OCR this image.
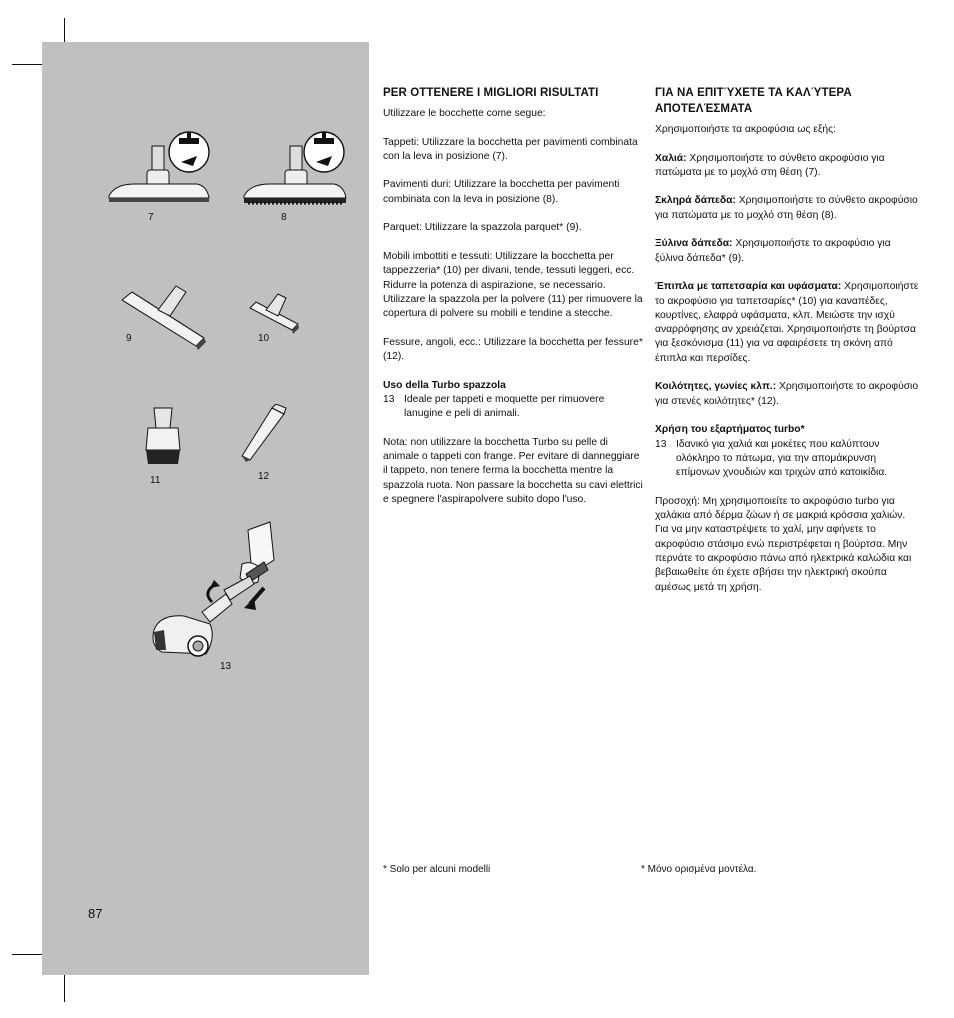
7	8
9	10
11	12
13
87
PER OTTENERE I MIGLIORI RISULTATI

Utilizzare le bocchette come segue:

Tappeti: Utilizzare la bocchetta per pavimenti combinata con la leva in posizione (7).

Pavimenti duri: Utilizzare la bocchetta per pavimenti combinata con la leva in posizione (8).

Parquet: Utilizzare la spazzola parquet* (9).

Mobili imbottiti e tessuti: Utilizzare la bocchetta per tappezzeria* (10) per divani, tende, tessuti leggeri, ecc. Ridurre la potenza di aspirazione, se necessario. Utilizzare la spazzola per la polvere (11) per rimuovere la copertura di polvere su mobili e tendine a stecche.

Fessure, angoli, ecc.: Utilizzare la bocchetta per fessure* (12).

Uso della Turbo spazzola
13 Ideale per tappeti e moquette per rimuovere lanugine e peli di animali.

Nota: non utilizzare la bocchetta Turbo su pelle di animale o tappeti con frange. Per evitare di danneggiare il tappeto, non tenere ferma la bocchetta mentre la spazzola ruota. Non passare la bocchetta su cavi elettrici e spegnere l'aspirapolvere subito dopo l'uso.

ΓΙΑ ΝΑ ΕΠΙΤΎΧΕΤΕ ΤΑ ΚΑΛΎΤΕΡΑ ΑΠΟΤΕΛΈΣΜΑΤΑ

Χρησιμοποιήστε τα ακροφύσια ως εξής:

Χαλιά: Χρησιμοποιήστε το σύνθετο ακροφύσιο για πατώματα με το μοχλό στη θέση (7).

Σκληρά δάπεδα: Χρησιμοποιήστε το σύνθετο ακροφύσιο για πατώματα με το μοχλό στη θέση (8).

Ξύλινα δάπεδα: Χρησιμοποιήστε το ακροφύσιο για ξύλινα δάπεδα* (9).

Έπιπλα με ταπετσαρία και υφάσματα: Χρησιμοποιήστε το ακροφύσιο για ταπετσαρίες* (10) για καναπέδες, κουρτίνες, ελαφρά υφάσματα, κλπ. Μειώστε την ισχύ αναρρόφησης αν χρειάζεται. Χρησιμοποιήστε τη βούρτσα για ξεσκόνισμα (11) για να αφαιρέσετε τη σκόνη από έπιπλα και περσίδες.

Κοιλότητες, γωνίες κλπ.: Χρησιμοποιήστε το ακροφύσιο για στενές κοιλότητες* (12).

Χρήση του εξαρτήματος turbo*
13 Ιδανικό για χαλιά και μοκέτες που καλύπτουν ολόκληρο το πάτωμα, για την απομάκρυνση επίμονων χνουδιών και τριχών από κατοικίδια.

Προσοχή: Μη χρησιμοποιείτε το ακροφύσιο turbo για χαλάκια από δέρμα ζώων ή σε μακριά κρόσσια χαλιών. Για να μην καταστρέψετε το χαλί, μην αφήνετε το ακροφύσιο στάσιμο ενώ περιστρέφεται η βούρτσα. Μην περνάτε το ακροφύσιο πάνω από ηλεκτρικά καλώδια και βεβαιωθείτε ότι έχετε σβήσει την ηλεκτρική σκούπα αμέσως μετά τη χρήση.

* Solo per alcuni modelli	* Μόνο ορισμένα μοντέλα.
